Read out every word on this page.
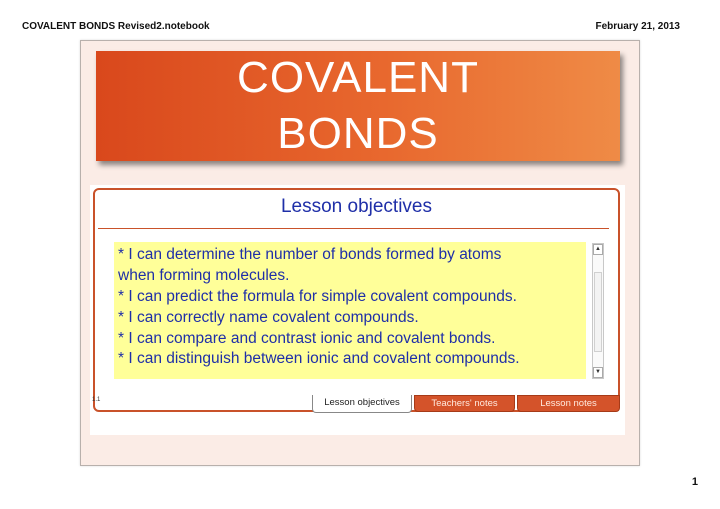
COVALENT BONDS Revised2.notebook	February 21, 2013
COVALENT
BONDS
Lesson objectives
* I can determine the number of bonds formed by atoms
when forming molecules.
* I can predict the formula for simple covalent compounds.
* I can correctly name covalent compounds.
* I can compare and contrast ionic and covalent bonds.
* I can distinguish between ionic and covalent compounds.
▲
▼
1.1	Lesson objectives	Teachers' notes	Lesson notes
1
